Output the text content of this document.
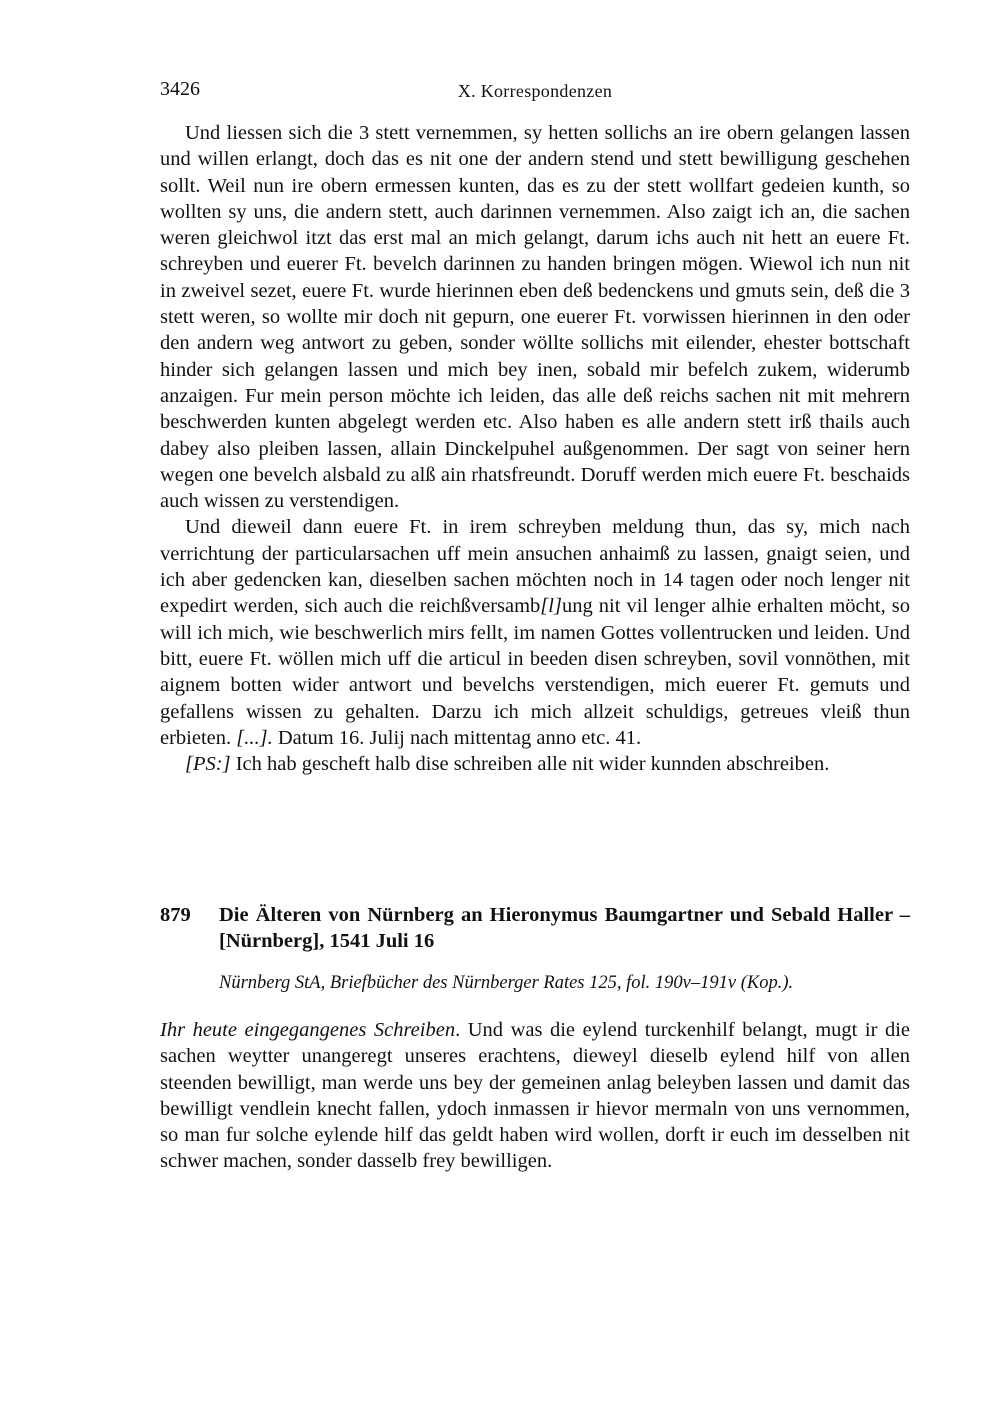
3426	X. Korrespondenzen

Und liessen sich die 3 stett vernemmen, sy hetten sollichs an ire obern gelangen lassen und willen erlangt, doch das es nit one der andern stend und stett bewilligung geschehen sollt. Weil nun ire obern ermessen kunten, das es zu der stett wollfart gedeien kunth, so wollten sy uns, die andern stett, auch darinnen vernemmen. Also zaigt ich an, die sachen weren gleichwol itzt das erst mal an mich gelangt, darum ichs auch nit hett an euere Ft. schreyben und euerer Ft. bevelch darinnen zu handen bringen mögen. Wiewol ich nun nit in zweivel sezet, euere Ft. wurde hierinnen eben deß bedenckens und gmuts sein, deß die 3 stett weren, so wollte mir doch nit gepurn, one euerer Ft. vorwissen hierinnen in den oder den andern weg antwort zu geben, sonder wöllte sollichs mit eilender, ehester bottschaft hinder sich gelangen lassen und mich bey inen, sobald mir befelch zukem, widerumb anzaigen. Fur mein person möchte ich leiden, das alle deß reichs sachen nit mit mehrern beschwerden kunten abgelegt werden etc. Also haben es alle andern stett irß thails auch dabey also pleiben lassen, allain Dinckelpuhel außgenommen. Der sagt von seiner hern wegen one bevelch alsbald zu alß ain rhatsfreundt. Doruff werden mich euere Ft. beschaids auch wissen zu verstendigen.

Und dieweil dann euere Ft. in irem schreyben meldung thun, das sy, mich nach verrichtung der particularsachen uff mein ansuchen anhaimß zu lassen, gnaigt seien, und ich aber gedencken kan, dieselben sachen möchten noch in 14 tagen oder noch lenger nit expedirt werden, sich auch die reichßversamb[l]ung nit vil lenger alhie erhalten möcht, so will ich mich, wie beschwerlich mirs fellt, im namen Gottes vollentrucken und leiden. Und bitt, euere Ft. wöllen mich uff die articul in beeden disen schreyben, sovil vonnöthen, mit aignem botten wider antwort und bevelchs verstendigen, mich euerer Ft. gemuts und gefallens wissen zu gehalten. Darzu ich mich allzeit schuldigs, getreues vleiß thun erbieten. [...]. Datum 16. Julij nach mittentag anno etc. 41.

[PS:] Ich hab gescheft halb dise schreiben alle nit wider kunnden abschreiben.

879 Die Älteren von Nürnberg an Hieronymus Baumgartner und Sebald Haller – [Nürnberg], 1541 Juli 16
Nürnberg StA, Briefbücher des Nürnberger Rates 125, fol. 190v–191v (Kop.).

Ihr heute eingegangenes Schreiben. Und was die eylend turckenhilf belangt, mugt ir die sachen weytter unangeregt unseres erachtens, dieweyl dieselb eylend hilf von allen steenden bewilligt, man werde uns bey der gemeinen anlag beleyben lassen und damit das bewilligt vendlein knecht fallen, ydoch inmassen ir hievor mermaln von uns vernommen, so man fur solche eylende hilf das geldt haben wird wollen, dorft ir euch im desselben nit schwer machen, sonder dasselb frey bewilligen.
